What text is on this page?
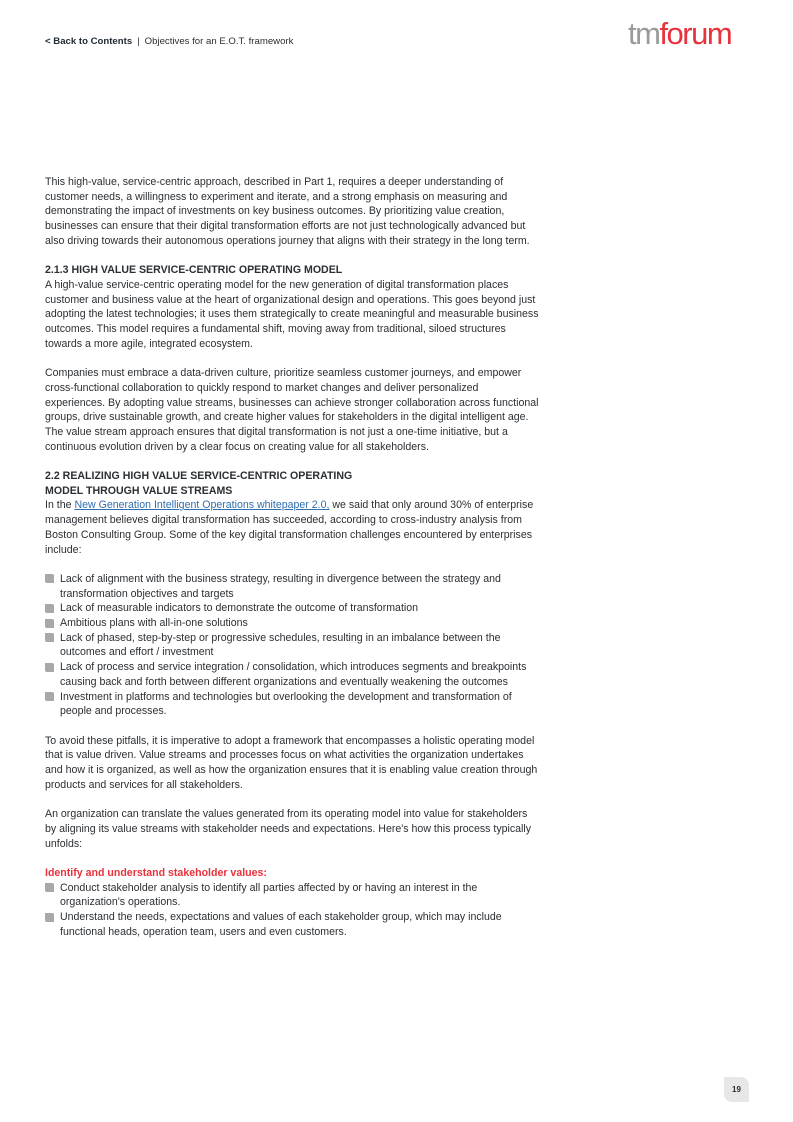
< Back to Contents | Objectives for an E.O.T. framework	tmforum

This high-value, service-centric approach, described in Part 1, requires a deeper understanding of customer needs, a willingness to experiment and iterate, and a strong emphasis on measuring and demonstrating the impact of investments on key business outcomes. By prioritizing value creation, businesses can ensure that their digital transformation efforts are not just technologically advanced but also driving towards their autonomous operations journey that aligns with their strategy in the long term.

2.1.3 HIGH VALUE SERVICE-CENTRIC OPERATING MODEL

A high-value service-centric operating model for the new generation of digital transformation places customer and business value at the heart of organizational design and operations. This goes beyond just adopting the latest technologies; it uses them strategically to create meaningful and measurable business outcomes. This model requires a fundamental shift, moving away from traditional, siloed structures towards a more agile, integrated ecosystem.

Companies must embrace a data-driven culture, prioritize seamless customer journeys, and empower cross-functional collaboration to quickly respond to market changes and deliver personalized experiences. By adopting value streams, businesses can achieve stronger collaboration across functional groups, drive sustainable growth, and create higher values for stakeholders in the digital intelligent age. The value stream approach ensures that digital transformation is not just a one-time initiative, but a continuous evolution driven by a clear focus on creating value for all stakeholders.

2.2 REALIZING HIGH VALUE SERVICE-CENTRIC OPERATING
MODEL THROUGH VALUE STREAMS

In the New Generation Intelligent Operations whitepaper 2.0, we said that only around 30% of enterprise management believes digital transformation has succeeded, according to cross-industry analysis from Boston Consulting Group. Some of the key digital transformation challenges encountered by enterprises include:

Lack of alignment with the business strategy, resulting in divergence between the strategy and transformation objectives and targets
Lack of measurable indicators to demonstrate the outcome of transformation
Ambitious plans with all-in-one solutions
Lack of phased, step-by-step or progressive schedules, resulting in an imbalance between the outcomes and effort / investment
Lack of process and service integration / consolidation, which introduces segments and breakpoints causing back and forth between different organizations and eventually weakening the outcomes
Investment in platforms and technologies but overlooking the development and transformation of people and processes.

To avoid these pitfalls, it is imperative to adopt a framework that encompasses a holistic operating model that is value driven. Value streams and processes focus on what activities the organization undertakes and how it is organized, as well as how the organization ensures that it is enabling value creation through products and services for all stakeholders.

An organization can translate the values generated from its operating model into value for stakeholders by aligning its value streams with stakeholder needs and expectations. Here's how this process typically unfolds:

Identify and understand stakeholder values:

Conduct stakeholder analysis to identify all parties affected by or having an interest in the organization's operations.
Understand the needs, expectations and values of each stakeholder group, which may include functional heads, operation team, users and even customers.
19
